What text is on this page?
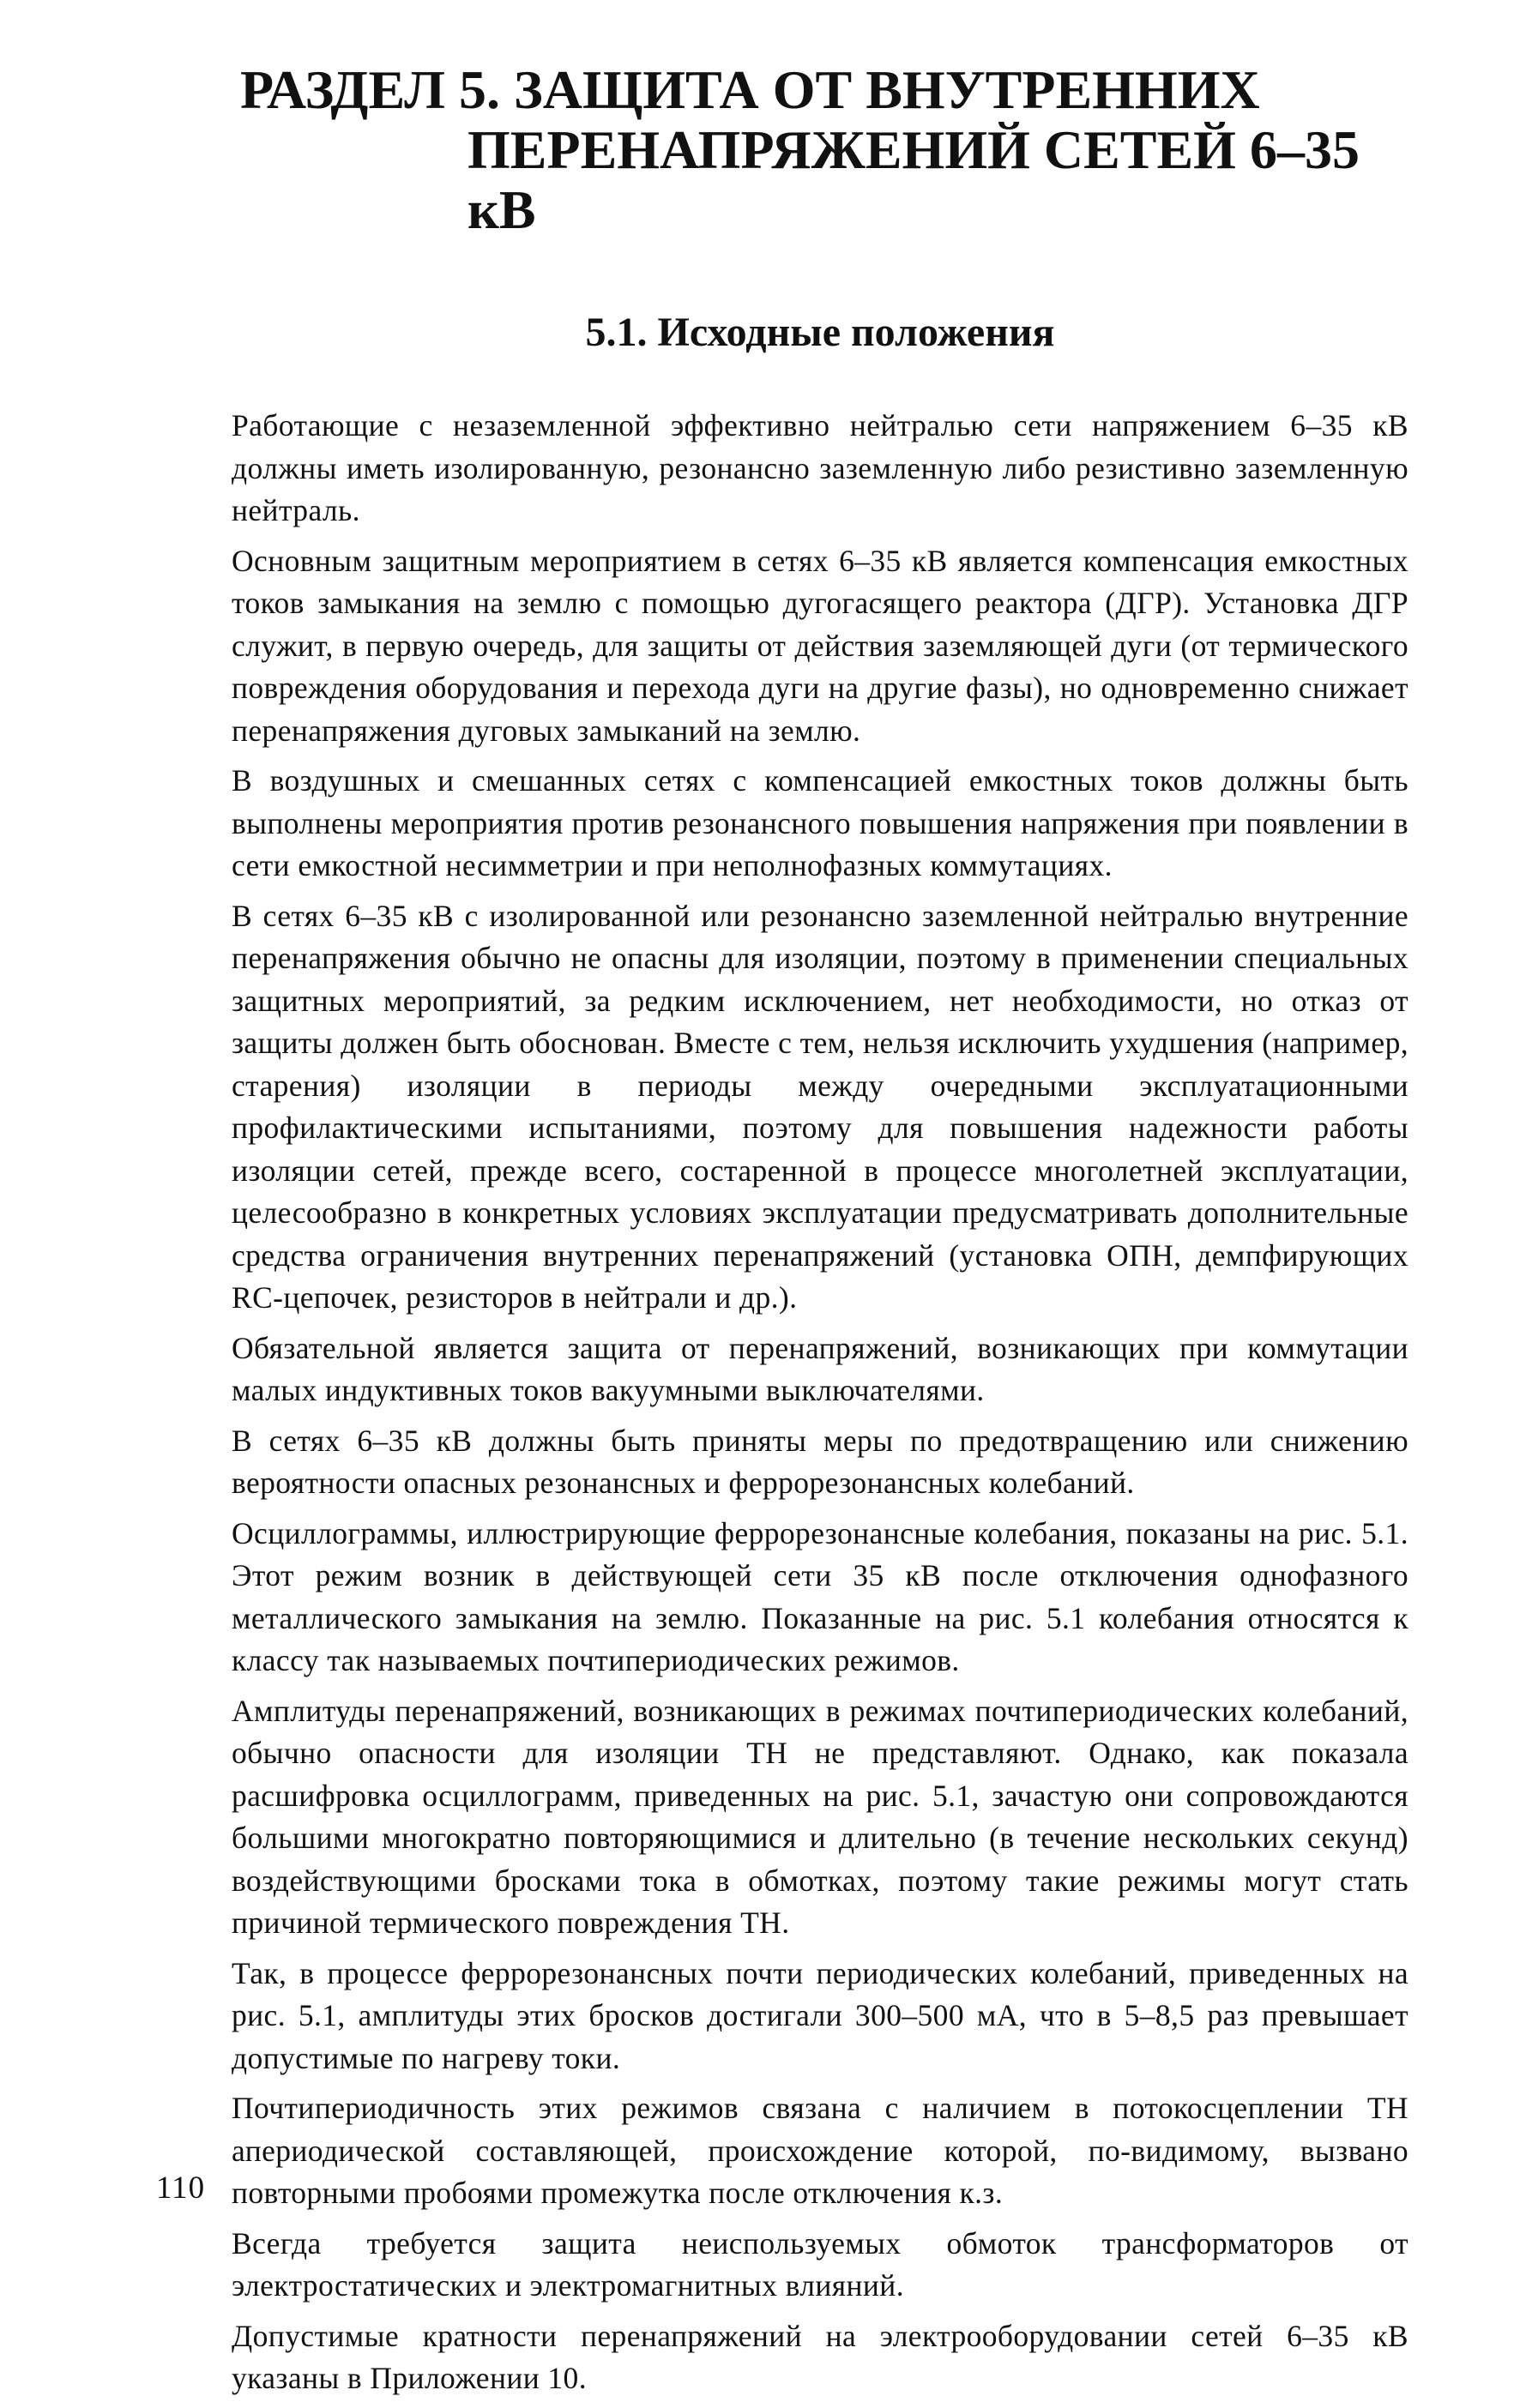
РАЗДЕЛ 5. ЗАЩИТА ОТ ВНУТРЕННИХ
ПЕРЕНАПРЯЖЕНИЙ СЕТЕЙ 6–35 кВ
5.1. Исходные положения

Работающие с незаземленной эффективно нейтралью сети напряжением 6–35 кВ должны иметь изолированную, резонансно заземленную либо резистивно заземленную нейтраль.

Основным защитным мероприятием в сетях 6–35 кВ является компенсация емкостных токов замыкания на землю с помощью дугогасящего реактора (ДГР). Установка ДГР служит, в первую очередь, для защиты от действия заземляющей дуги (от термического повреждения оборудования и перехода дуги на другие фазы), но одновременно снижает перенапряжения дуговых замыканий на землю.

В воздушных и смешанных сетях с компенсацией емкостных токов должны быть выполнены мероприятия против резонансного повышения напряжения при появлении в сети емкостной несимметрии и при неполнофазных коммутациях.

В сетях 6–35 кВ с изолированной или резонансно заземленной нейтралью внутренние перенапряжения обычно не опасны для изоляции, поэтому в применении специальных защитных мероприятий, за редким исключением, нет необходимости, но отказ от защиты должен быть обоснован. Вместе с тем, нельзя исключить ухудшения (например, старения) изоляции в периоды между очередными эксплуатационными профилактическими испытаниями, поэтому для повышения надежности работы изоляции сетей, прежде всего, состаренной в процессе многолетней эксплуатации, целесообразно в конкретных условиях эксплуатации предусматривать дополнительные средства ограничения внутренних перенапряжений (установка ОПН, демпфирующих RC-цепочек, резисторов в нейтрали и др.).

Обязательной является защита от перенапряжений, возникающих при коммутации малых индуктивных токов вакуумными выключателями.

В сетях 6–35 кВ должны быть приняты меры по предотвращению или снижению вероятности опасных резонансных и феррорезонансных колебаний.

Осциллограммы, иллюстрирующие феррорезонансные колебания, показаны на рис. 5.1. Этот режим возник в действующей сети 35 кВ после отключения однофазного металлического замыкания на землю. Показанные на рис. 5.1 колебания относятся к классу так называемых почтипериодических режимов.

Амплитуды перенапряжений, возникающих в режимах почтипериодических колебаний, обычно опасности для изоляции ТН не представляют. Однако, как показала расшифровка осциллограмм, приведенных на рис. 5.1, зачастую они сопровождаются большими многократно повторяющимися и длительно (в течение нескольких секунд) воздействующими бросками тока в обмотках, поэтому такие режимы могут стать причиной термического повреждения ТН.

Так, в процессе феррорезонансных почти периодических колебаний, приведенных на рис. 5.1, амплитуды этих бросков достигали 300–500 мА, что в 5–8,5 раз превышает допустимые по нагреву токи.

Почтипериодичность этих режимов связана с наличием в потокосцеплении ТН апериодической составляющей, происхождение которой, по-видимому, вызвано повторными пробоями промежутка после отключения к.з.

Всегда требуется защита неиспользуемых обмоток трансформаторов от электростатических и электромагнитных влияний.

Допустимые кратности перенапряжений на электрооборудовании сетей 6–35 кВ указаны в Приложении 10.

110
